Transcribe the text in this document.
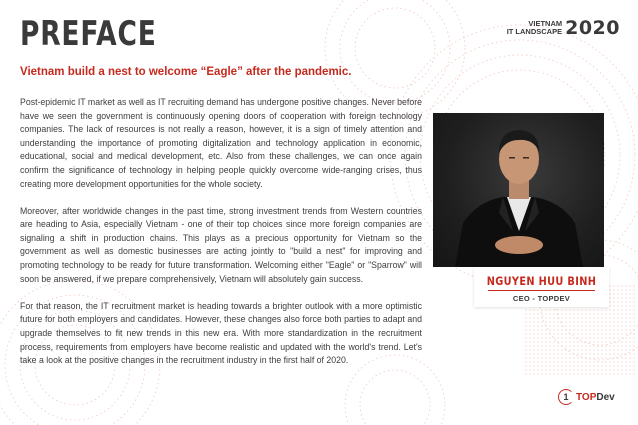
PREFACE	VIETNAM
IT LANDSCAPE 2020
Vietnam build a nest to welcome “Eagle” after the pandemic.

Post-epidemic IT market as well as IT recruiting demand has undergone positive changes. Never before have we seen the government is continuously opening doors of cooperation with foreign technology companies. The lack of resources is not really a reason, however, it is a sign of timely attention and understanding the importance of promoting digitalization and technology application in economic, educational, social and medical development, etc. Also from these challenges, we can once again confirm the significance of technology in helping people quickly overcome wide-ranging crises, thus creating more development opportunities for the whole society.

Moreover, after worldwide changes in the past time, strong investment trends from Western countries are heading to Asia, especially Vietnam - one of their top choices since more foreign companies are signaling a shift in production chains. This plays as a precious opportunity for Vietnam so the government as well as domestic businesses are acting jointly to "build a nest" for improving and promoting technology to be ready for future transformation. Welcoming either "Eagle" or "Sparrow" will soon be answered, if we prepare comprehensively, Vietnam will absolutely gain success.

For that reason, the IT recruitment market is heading towards a brighter outlook with a more optimistic future for both employers and candidates. However, these changes also force both parties to adapt and upgrade themselves to fit new trends in this new era. With more standardization in the recruitment process, requirements from employers have become realistic and updated with the world's trend. Let's take a look at the positive changes in the recruitment industry in the first half of 2020.

NGUYEN HUU BINH
CEO - TOPDEV
1 TOP Dev
